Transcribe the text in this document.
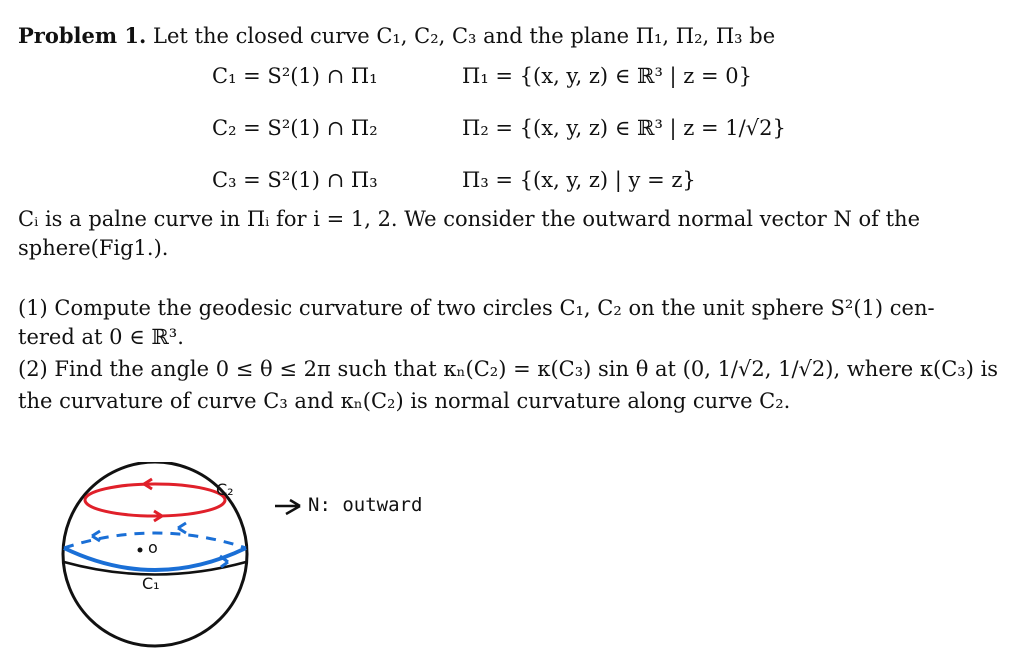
Problem 1. Let the closed curve C₁, C₂, C₃ and the plane Π₁, Π₂, Π₃ be
C₁ = S²(1) ∩ Π₁	Π₁ = {(x, y, z) ∈ ℝ³ | z = 0}
C₂ = S²(1) ∩ Π₂	Π₂ = {(x, y, z) ∈ ℝ³ | z = 1/√2}
C₃ = S²(1) ∩ Π₃	Π₃ = {(x, y, z) | y = z}
Cᵢ is a palne curve in Πᵢ for i = 1, 2. We consider the outward normal vector N of the
sphere(Fig1.).
(1) Compute the geodesic curvature of two circles C₁, C₂ on the unit sphere S²(1) cen-
tered at 0 ∈ ℝ³.
(2) Find the angle 0 ≤ θ ≤ 2π such that κₙ(C₂) = κ(C₃) sin θ at (0, 1/√2, 1/√2), where κ(C₃) is
the curvature of curve C₃ and κₙ(C₂) is normal curvature along curve C₂.
C₂
o
C₁
N: outward
